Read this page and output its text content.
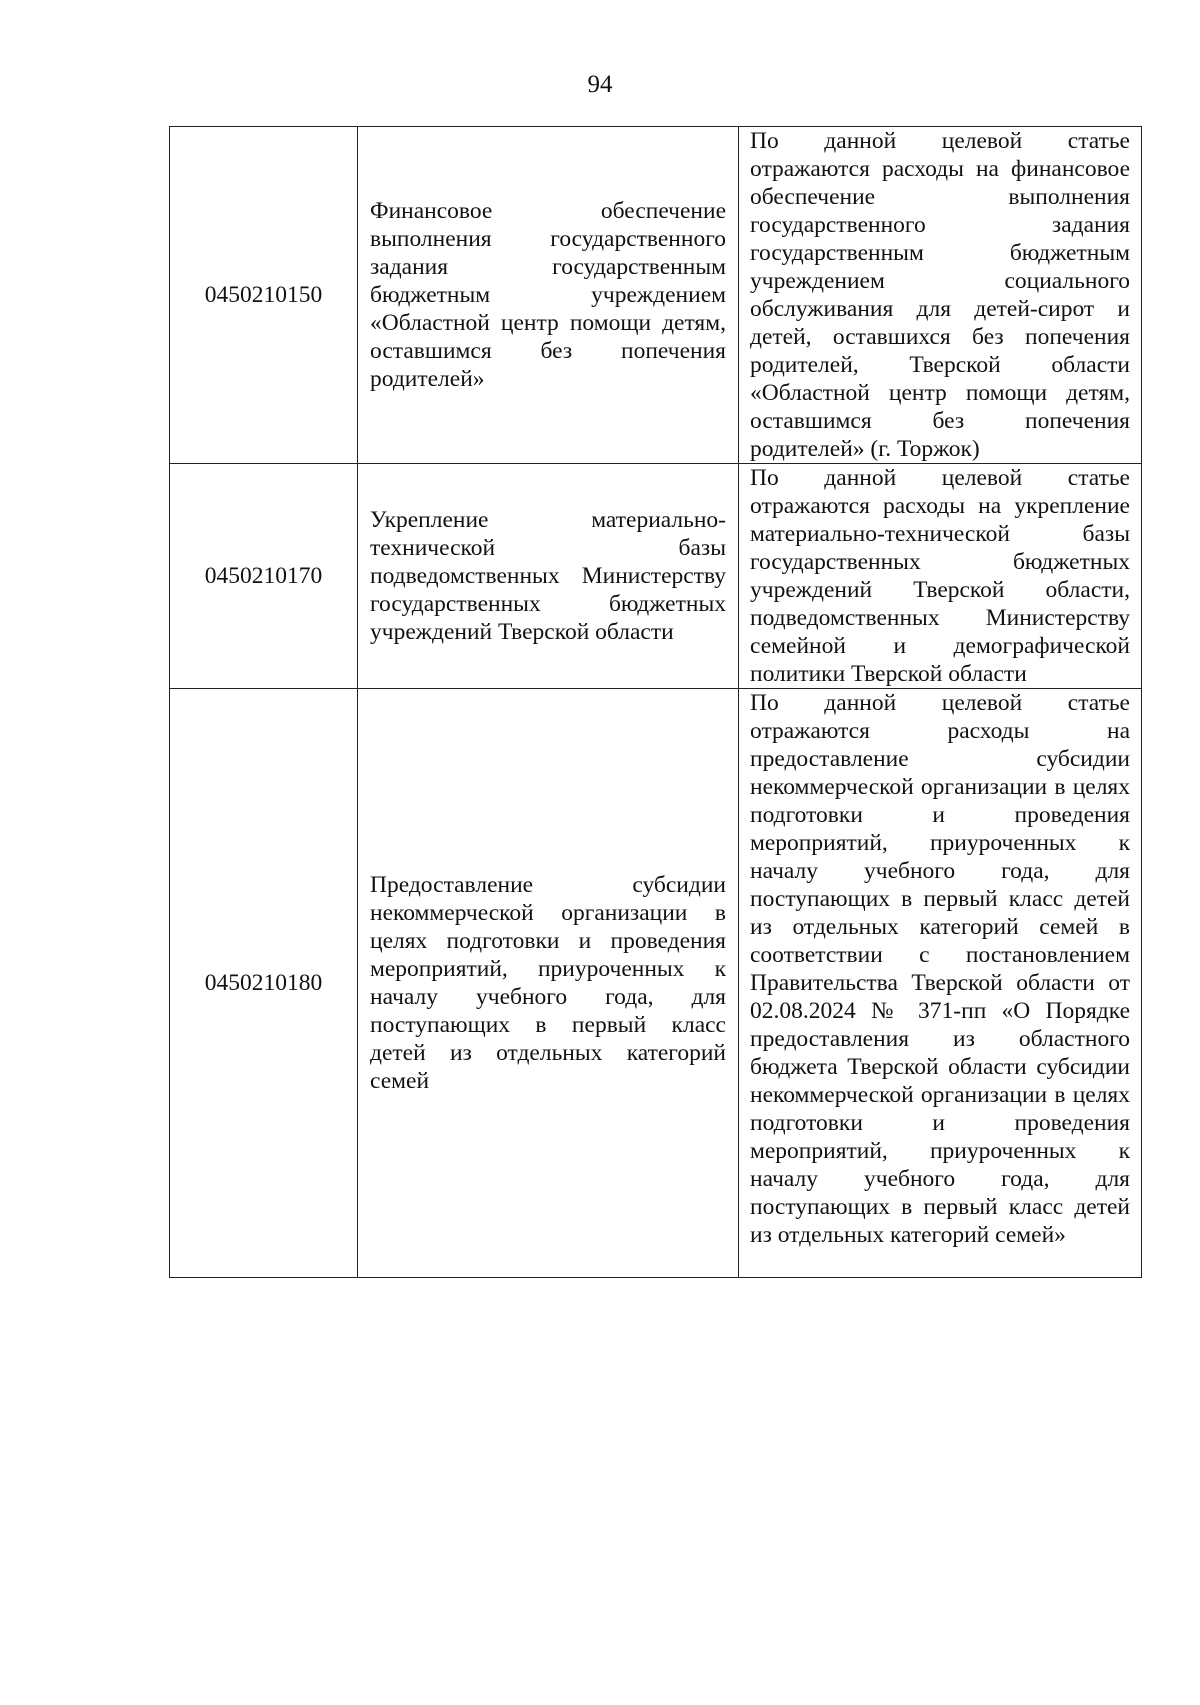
94
0450210150	Финансовое обеспечение выполнения государственного задания государственным бюджетным учреждением «Областной центр помощи детям, оставшимся без попечения родителей»	По данной целевой статье отражаются расходы на финансовое обеспечение выполнения государственного задания государственным бюджетным учреждением социального обслуживания для детей-сирот и детей, оставшихся без попечения родителей, Тверской области «Областной центр помощи детям, оставшимся без попечения родителей» (г. Торжок)
0450210170	Укрепление материально-технической базы подведомственных Министерству государственных бюджетных учреждений Тверской области	По данной целевой статье отражаются расходы на укрепление материально-технической базы государственных бюджетных учреждений Тверской области, подведомственных Министерству семейной и демографической политики Тверской области
0450210180	Предоставление субсидии некоммерческой организации в целях подготовки и проведения мероприятий, приуроченных к началу учебного года, для поступающих в первый класс детей из отдельных категорий семей	По данной целевой статье отражаются расходы на предоставление субсидии некоммерческой организации в целях подготовки и проведения мероприятий, приуроченных к началу учебного года, для поступающих в первый класс детей из отдельных категорий семей в соответствии с постановлением Правительства Тверской области от 02.08.2024 № 371-пп «О Порядке предоставления из областного бюджета Тверской области субсидии некоммерческой организации в целях подготовки и проведения мероприятий, приуроченных к началу учебного года, для поступающих в первый класс детей из отдельных категорий семей»
